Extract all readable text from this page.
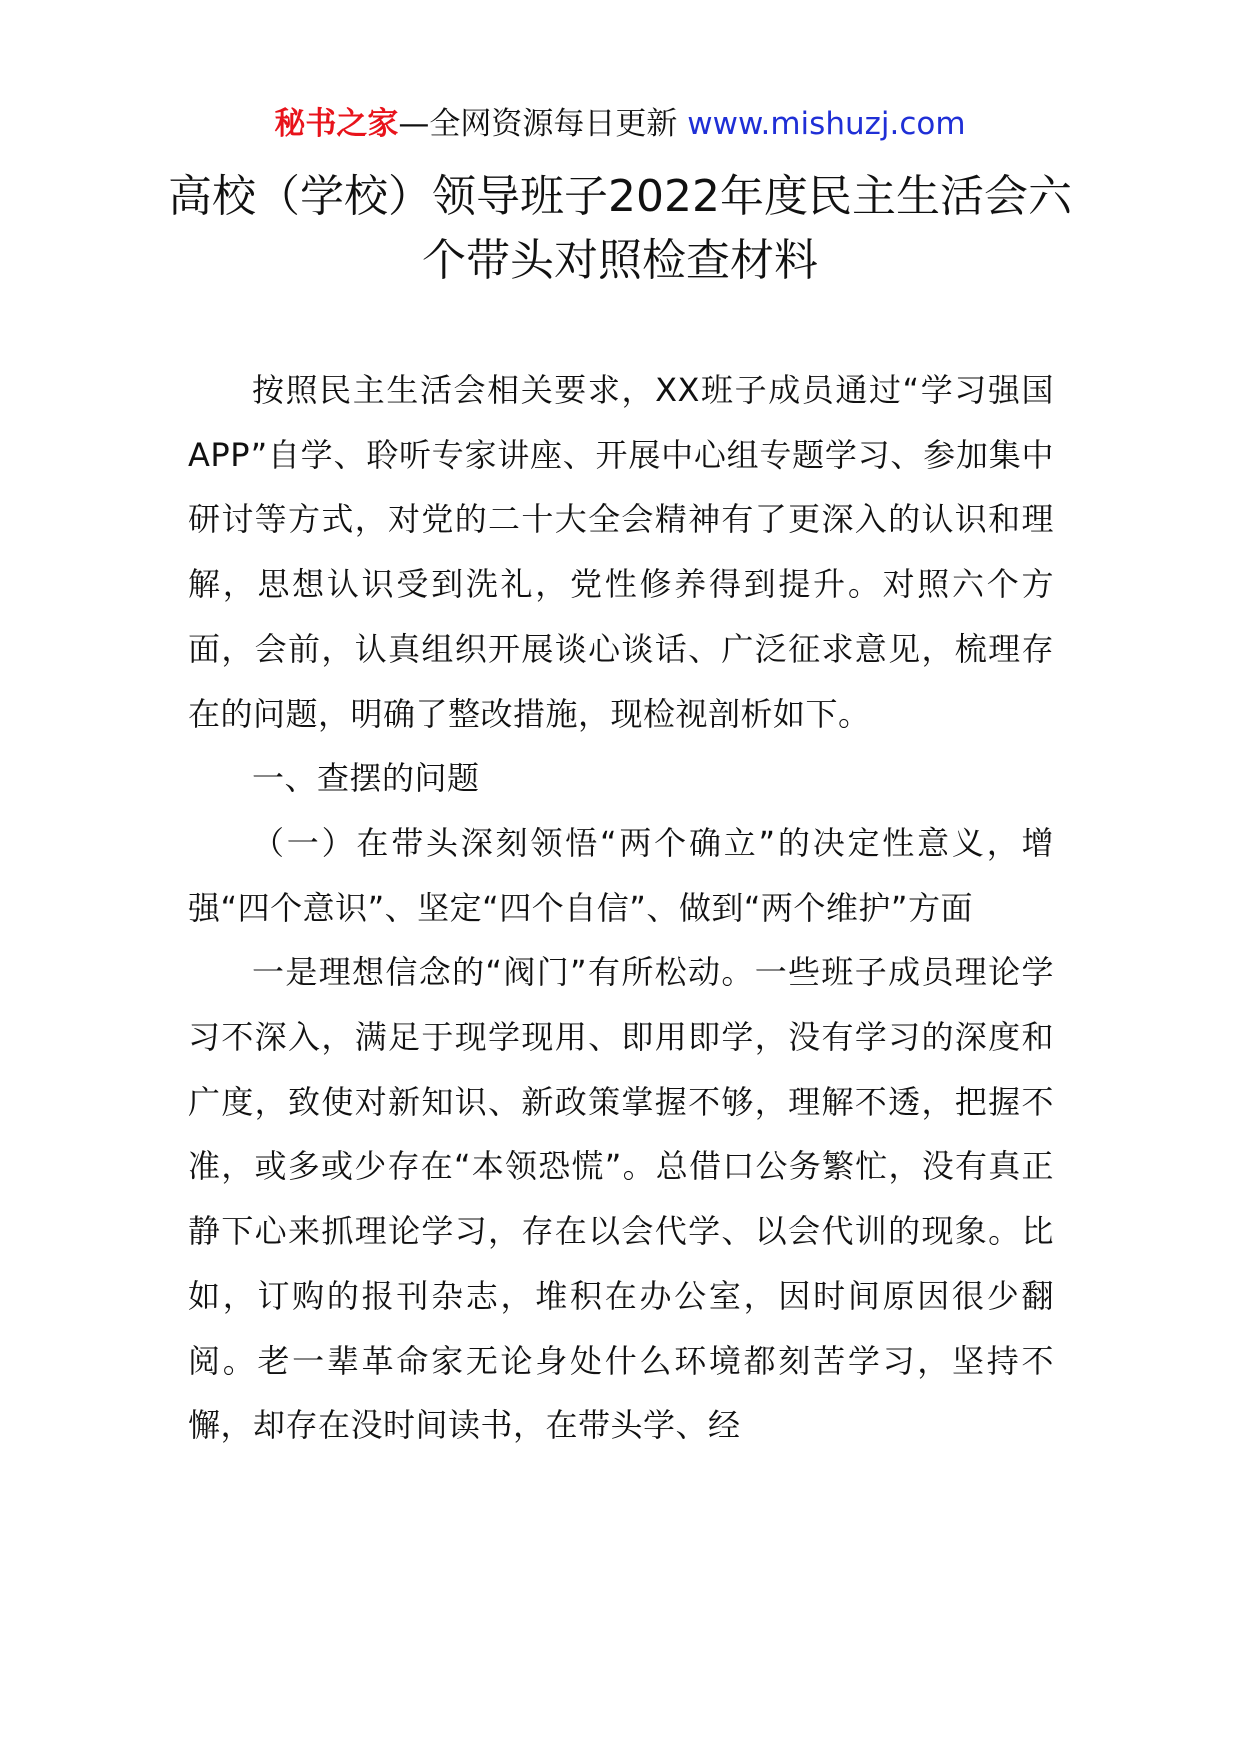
秘书之家—全网资源每日更新 www.mishuzj.com
高校（学校）领导班子2022年度民主生活会六个带头对照检查材料

按照民主生活会相关要求，XX班子成员通过“学习强国APP”自学、聆听专家讲座、开展中心组专题学习、参加集中研讨等方式，对党的二十大全会精神有了更深入的认识和理解，思想认识受到洗礼，党性修养得到提升。对照六个方面，会前，认真组织开展谈心谈话、广泛征求意见，梳理存在的问题，明确了整改措施，现检视剖析如下。

一、查摆的问题

（一）在带头深刻领悟“两个确立”的决定性意义，增强“四个意识”、坚定“四个自信”、做到“两个维护”方面

一是理想信念的“阀门”有所松动。一些班子成员理论学习不深入，满足于现学现用、即用即学，没有学习的深度和广度，致使对新知识、新政策掌握不够，理解不透，把握不准，或多或少存在“本领恐慌”。总借口公务繁忙，没有真正静下心来抓理论学习，存在以会代学、以会代训的现象。比如，订购的报刊杂志，堆积在办公室，因时间原因很少翻阅。老一辈革命家无论身处什么环境都刻苦学习，坚持不懈，却存在没时间读书，在带头学、经
